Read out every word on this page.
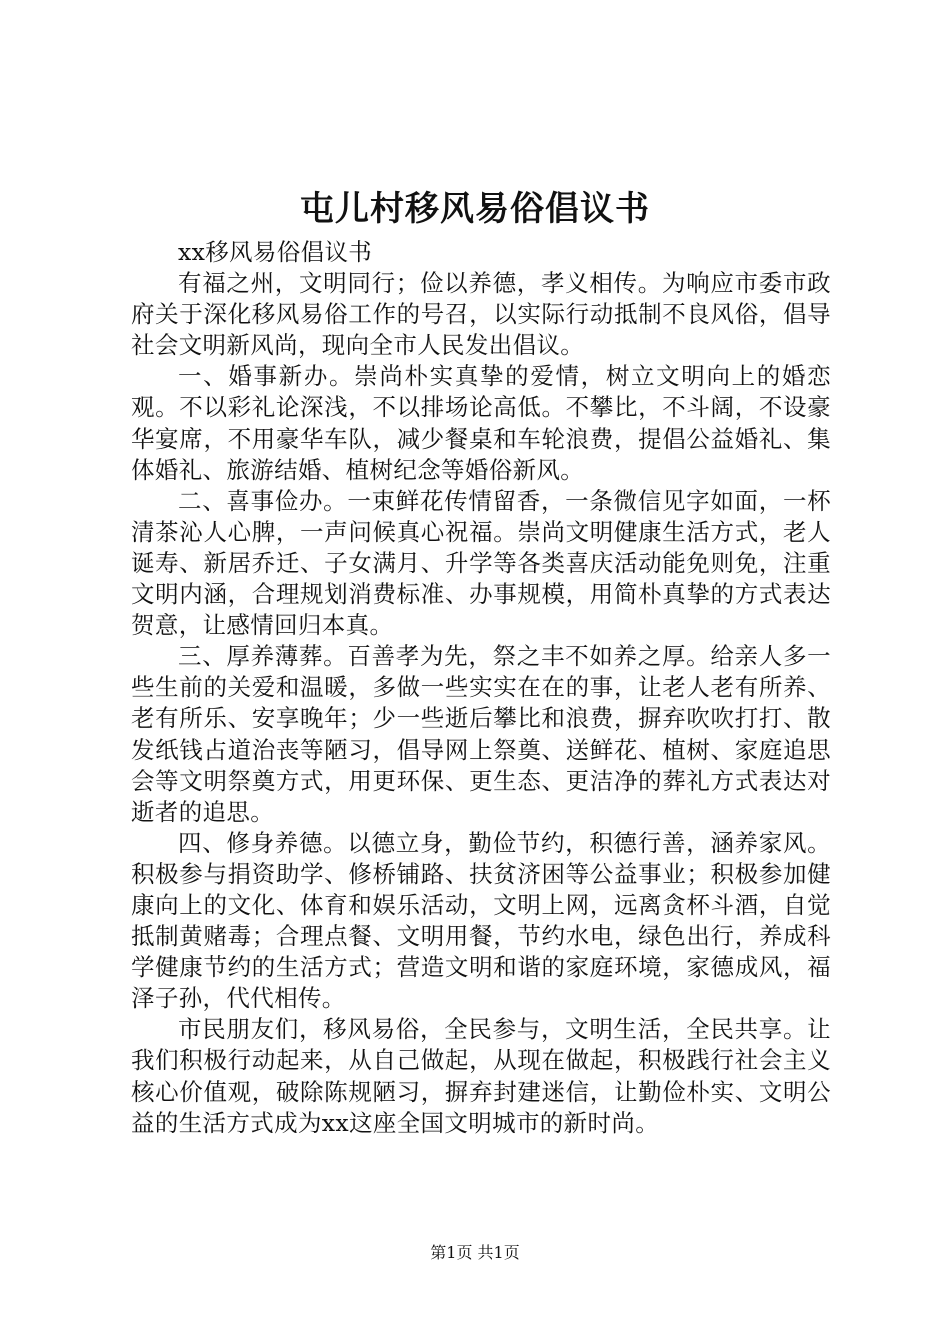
屯儿村移风易俗倡议书

xx移风易俗倡议书

有福之州，文明同行；俭以养德，孝义相传。为响应市委市政府关于深化移风易俗工作的号召，以实际行动抵制不良风俗，倡导社会文明新风尚，现向全市人民发出倡议。

一、婚事新办。崇尚朴实真挚的爱情，树立文明向上的婚恋观。不以彩礼论深浅，不以排场论高低。不攀比，不斗阔，不设豪华宴席，不用豪华车队，减少餐桌和车轮浪费，提倡公益婚礼、集体婚礼、旅游结婚、植树纪念等婚俗新风。

二、喜事俭办。一束鲜花传情留香，一条微信见字如面，一杯清茶沁人心脾，一声问候真心祝福。崇尚文明健康生活方式，老人诞寿、新居乔迁、子女满月、升学等各类喜庆活动能免则免，注重文明内涵，合理规划消费标准、办事规模，用简朴真挚的方式表达贺意，让感情回归本真。

三、厚养薄葬。百善孝为先，祭之丰不如养之厚。给亲人多一些生前的关爱和温暖，多做一些实实在在的事，让老人老有所养、老有所乐、安享晚年；少一些逝后攀比和浪费，摒弃吹吹打打、散发纸钱占道治丧等陋习，倡导网上祭奠、送鲜花、植树、家庭追思会等文明祭奠方式，用更环保、更生态、更洁净的葬礼方式表达对逝者的追思。

四、修身养德。以德立身，勤俭节约，积德行善，涵养家风。积极参与捐资助学、修桥铺路、扶贫济困等公益事业；积极参加健康向上的文化、体育和娱乐活动，文明上网，远离贪杯斗酒，自觉抵制黄赌毒；合理点餐、文明用餐，节约水电，绿色出行，养成科学健康节约的生活方式；营造文明和谐的家庭环境，家德成风，福泽子孙，代代相传。

市民朋友们，移风易俗，全民参与，文明生活，全民共享。让我们积极行动起来，从自己做起，从现在做起，积极践行社会主义核心价值观，破除陈规陋习，摒弃封建迷信，让勤俭朴实、文明公益的生活方式成为xx这座全国文明城市的新时尚。

第1页 共1页
